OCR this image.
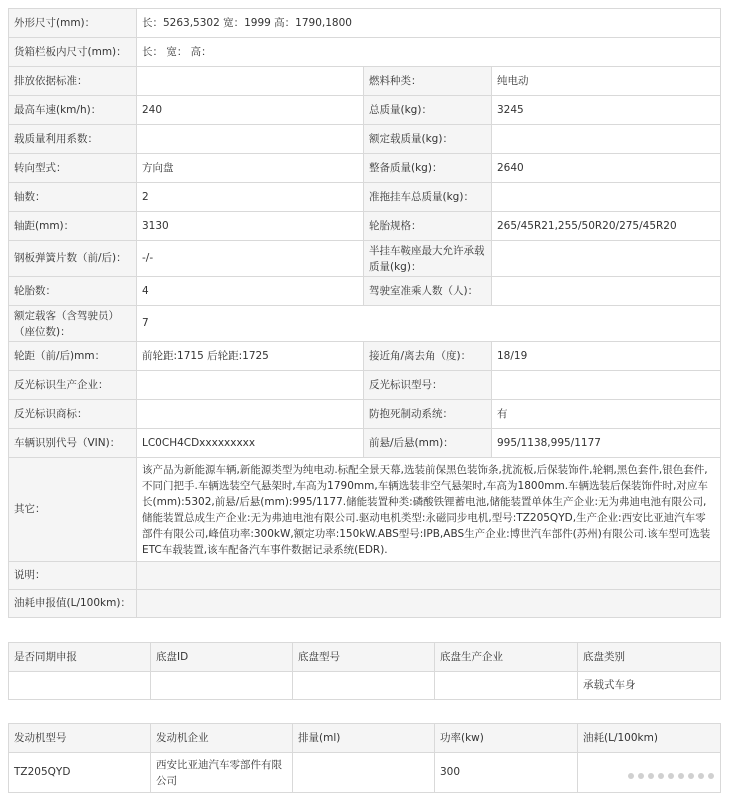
外形尺寸(mm)：	长：5263,5302 宽：1999 高：1790,1800		
货箱栏板内尺寸(mm)：	长： 宽： 高：		
排放依据标准：		燃料种类：	纯电动
最高车速(km/h)：	240	总质量(kg)：	3245
载质量利用系数：		额定载质量(kg)：	
转向型式：	方向盘	整备质量(kg)：	2640
轴数：	2	准拖挂车总质量(kg)：	
轴距(mm)：	3130	轮胎规格：	265/45R21,255/50R20/275/45R20
钢板弹簧片数（前/后)：	-/-	半挂车鞍座最大允许承载质量(kg)：	
轮胎数：	4	驾驶室准乘人数（人)：	
额定载客（含驾驶员）（座位数)：	7		
轮距（前/后)mm：	前轮距:1715 后轮距:1725	接近角/离去角（度)：	18/19
反光标识生产企业：		反光标识型号：	
反光标识商标：		防抱死制动系统：	有
车辆识别代号（VIN)：	LC0CH4CDxxxxxxxxx	前悬/后悬(mm)：	995/1138,995/1177
其它：	该产品为新能源车辆,新能源类型为纯电动.标配全景天幕,选装前保黑色装饰条,扰流板,后保装饰件,轮辋,黑色套件,银色套件,不同门把手.车辆选装空气悬架时,车高为1790mm,车辆选装非空气悬架时,车高为1800mm.车辆选装后保装饰件时,对应车长(mm):5302,前悬/后悬(mm):995/1177.储能装置种类:磷酸铁锂蓄电池,储能装置单体生产企业:无为弗迪电池有限公司,储能装置总成生产企业:无为弗迪电池有限公司.驱动电机类型:永磁同步电机,型号:TZ205QYD,生产企业:西安比亚迪汽车零部件有限公司,峰值功率:300kW,额定功率:150kW.ABS型号:IPB,ABS生产企业:博世汽车部件(苏州)有限公司.该车型可选装ETC车载装置,该车配备汽车事件数据记录系统(EDR).		
说明：			
油耗申报值(L/100km)：			
是否同期申报	底盘ID	底盘型号	底盘生产企业	底盘类别
				承载式车身
发动机型号	发动机企业	排量(ml)	功率(kw)	油耗(L/100km)
TZ205QYD	西安比亚迪汽车零部件有限公司		300	
